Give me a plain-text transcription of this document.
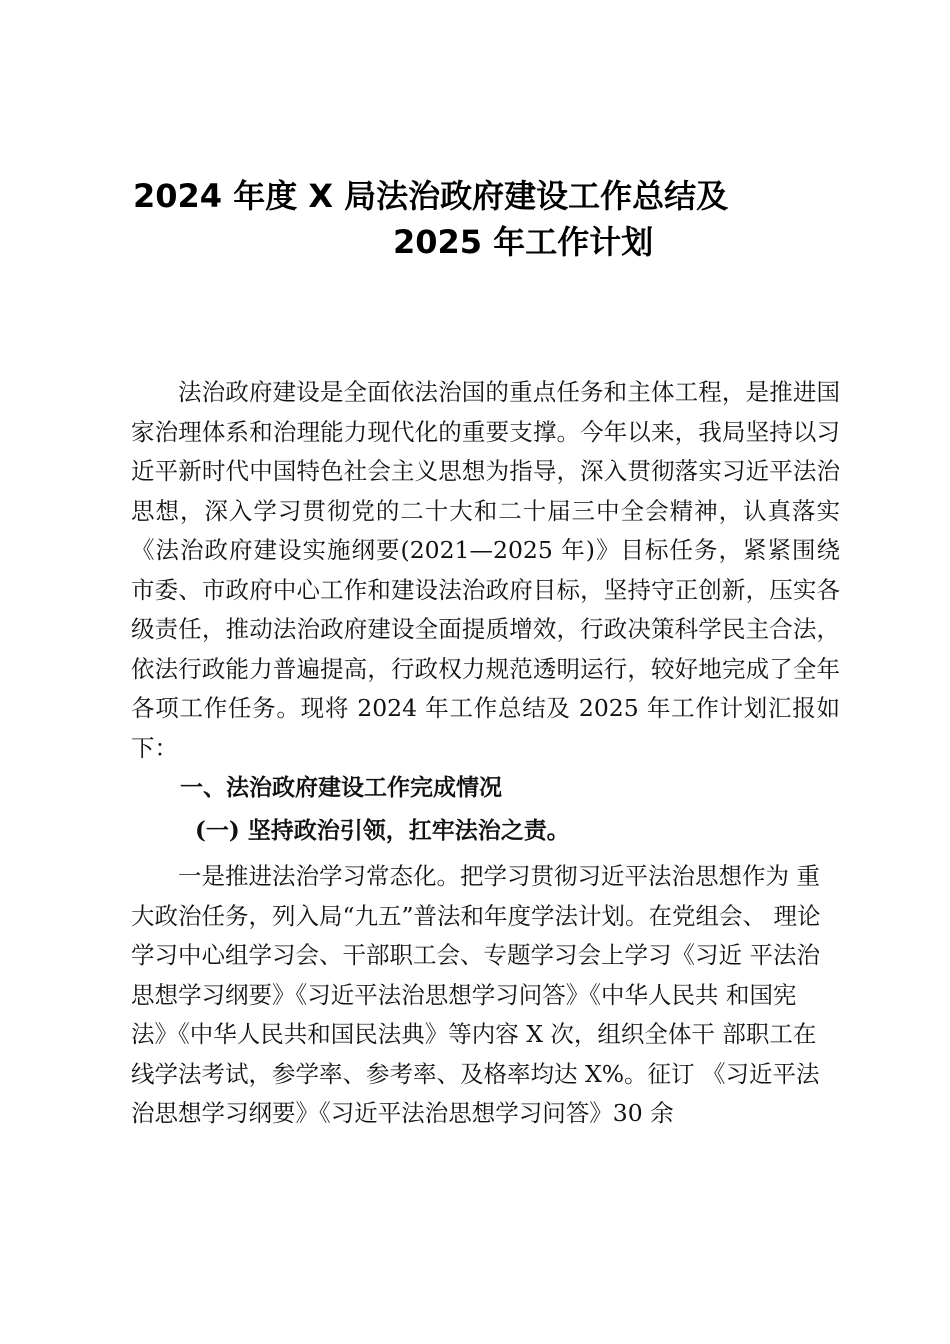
2024 年度 X 局法治政府建设工作总结及
2025 年工作计划

法治政府建设是全面依法治国的重点任务和主体工程，是推进国家治理体系和治理能力现代化的重要支撑。今年以来，我局坚持以习近平新时代中国特色社会主义思想为指导，深入贯彻落实习近平法治思想，深入学习贯彻党的二十大和二十届三中全会精神，认真落实《法治政府建设实施纲要(2021—2025 年)》目标任务，紧紧围绕市委、市政府中心工作和建设法治政府目标，坚持守正创新，压实各级责任，推动法治政府建设全面提质增效，行政决策科学民主合法，依法行政能力普遍提高，行政权力规范透明运行，较好地完成了全年各项工作任务。现将 2024 年工作总结及 2025 年工作计划汇报如下：

一、法治政府建设工作完成情况
(一) 坚持政治引领，扛牢法治之责。

一是推进法治学习常态化。把学习贯彻习近平法治思想作为 重大政治任务，列入局“九五”普法和年度学法计划。在党组会、 理论学习中心组学习会、干部职工会、专题学习会上学习《习近 平法治思想学习纲要》《习近平法治思想学习问答》《中华人民共 和国宪法》《中华人民共和国民法典》等内容 X 次，组织全体干 部职工在线学法考试，参学率、参考率、及格率均达 X%。征订 《习近平法治思想学习纲要》《习近平法治思想学习问答》30 余
